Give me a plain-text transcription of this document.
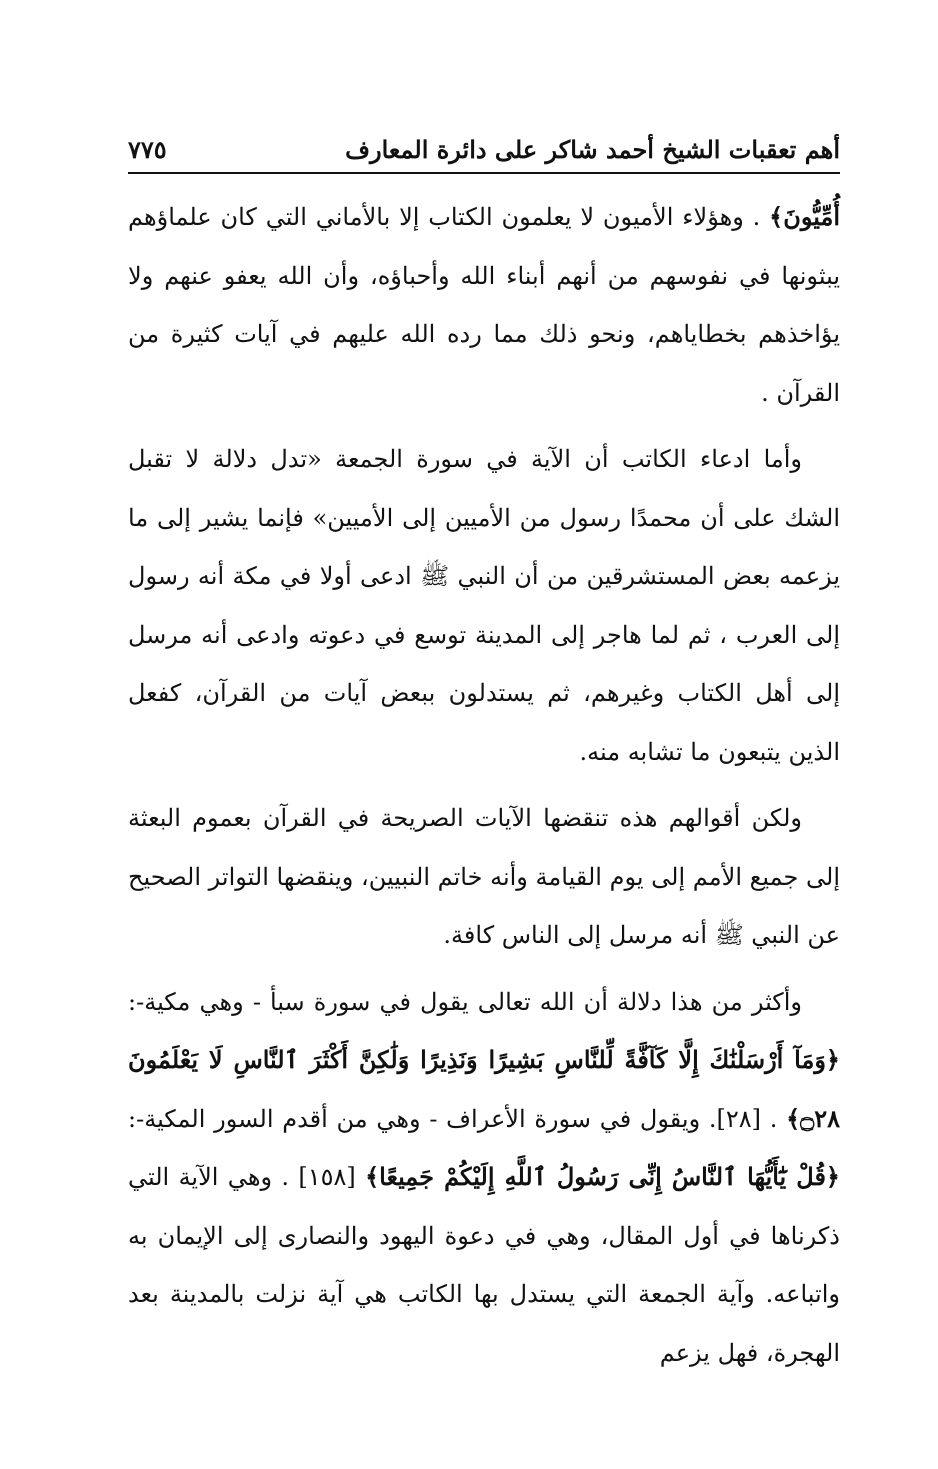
أهم تعقبات الشيخ أحمد شاكر على دائرة المعارف
٧٧٥

أُمِّيُّونَ﴾ . وهؤلاء الأميون لا يعلمون الكتاب إلا بالأماني التي كان علماؤهم يبثونها في نفوسهم من أنهم أبناء الله وأحباؤه، وأن الله يعفو عنهم ولا يؤاخذهم بخطاياهم، ونحو ذلك مما رده الله عليهم في آيات كثيرة من القرآن .

وأما ادعاء الكاتب أن الآية في سورة الجمعة «تدل دلالة لا تقبل الشك على أن محمدًا رسول من الأميين إلى الأميين» فإنما يشير إلى ما يزعمه بعض المستشرقين من أن النبي ﷺ ادعى أولا في مكة أنه رسول إلى العرب ، ثم لما هاجر إلى المدينة توسع في دعوته وادعى أنه مرسل إلى أهل الكتاب وغيرهم، ثم يستدلون ببعض آيات من القرآن، كفعل الذين يتبعون ما تشابه منه.

ولكن أقوالهم هذه تنقضها الآيات الصريحة في القرآن بعموم البعثة إلى جميع الأمم إلى يوم القيامة وأنه خاتم النبيين، وينقضها التواتر الصحيح عن النبي ﷺ أنه مرسل إلى الناس كافة.

وأكثر من هذا دلالة أن الله تعالى يقول في سورة سبأ - وهي مكية-: ﴿وَمَآ أَرْسَلْنَٰكَ إِلَّا كَآفَّةً لِّلنَّاسِ بَشِيرًا وَنَذِيرًا وَلَٰكِنَّ أَكْثَرَ ٱلنَّاسِ لَا يَعْلَمُونَ ۝٢٨﴾ . [٢٨]. ويقول في سورة الأعراف - وهي من أقدم السور المكية-: ﴿قُلْ يَٰٓأَيُّهَا ٱلنَّاسُ إِنِّى رَسُولُ ٱللَّهِ إِلَيْكُمْ جَمِيعًا﴾ [١٥٨] . وهي الآية التي ذكرناها في أول المقال، وهي في دعوة اليهود والنصارى إلى الإيمان به واتباعه. وآية الجمعة التي يستدل بها الكاتب هي آية نزلت بالمدينة بعد الهجرة، فهل يزعم
